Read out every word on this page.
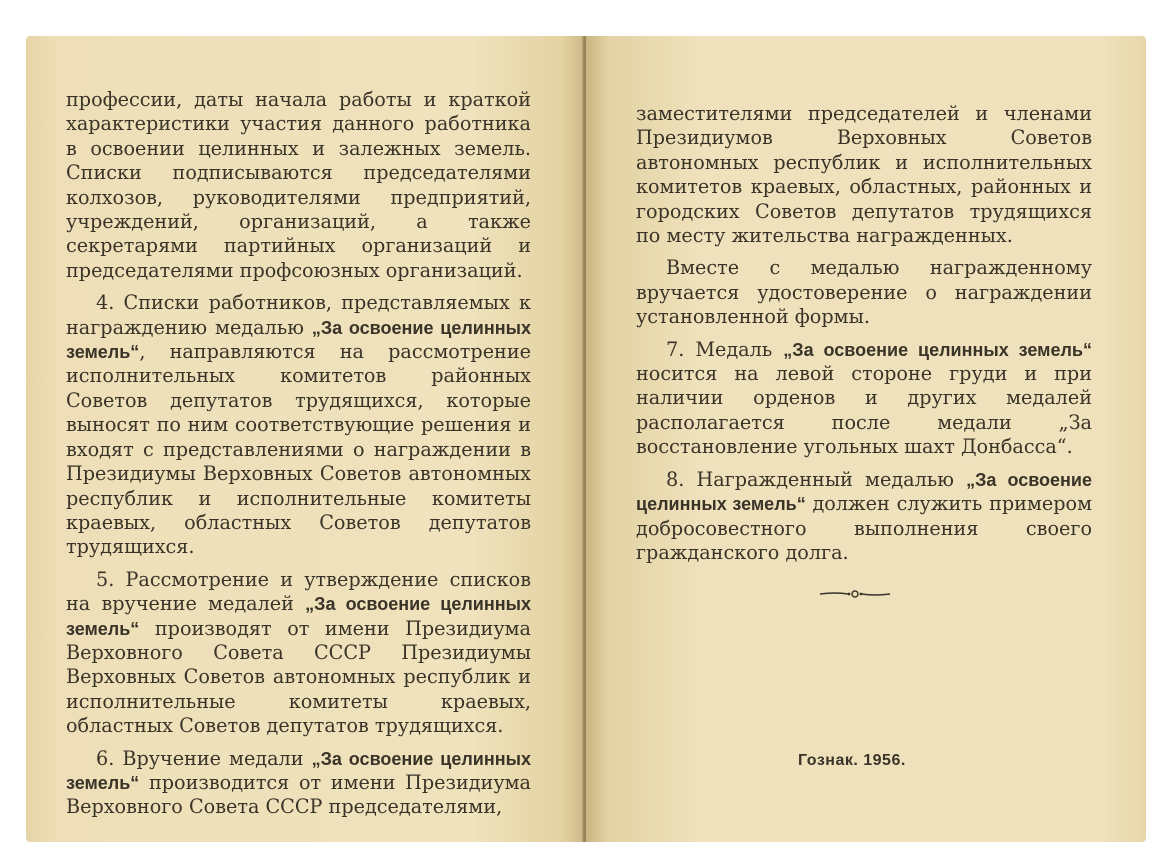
профессии, даты начала работы и краткой характеристики участия данного работника в освоении целинных и залежных земель. Списки подписываются председателями колхозов, руководителями предприятий, учреждений, организаций, а также секретарями партийных организаций и председателями профсоюзных организаций.
4. Списки работников, представляемых к награждению медалью „За освоение целинных земель“, направляются на рассмотрение исполнительных комитетов районных Советов депутатов трудящихся, которые выносят по ним соответствующие решения и входят с представлениями о награждении в Президиумы Верховных Советов автономных республик и исполнительные комитеты краевых, областных Советов депутатов трудящихся.
5. Рассмотрение и утверждение списков на вручение медалей „За освоение целинных земель“ производят от имени Президиума Верховного Совета СССР Президиумы Верховных Советов автономных республик и исполнительные комитеты краевых, областных Советов депутатов трудящихся.
6. Вручение медали „За освоение целинных земель“ производится от имени Президиума Верховного Совета СССР председателями,
заместителями председателей и членами Президиумов Верховных Советов автономных республик и исполнительных комитетов краевых, областных, районных и городских Советов депутатов трудящихся по месту жительства награжденных.
Вместе с медалью награжденному вручается удостоверение о награждении установленной формы.
7. Медаль „За освоение целинных земель“ носится на левой стороне груди и при наличии орденов и других медалей располагается после медали „За восстановление угольных шахт Донбасса“.
8. Награжденный медалью „За освоение целинных земель“ должен служить примером добросовестного выполнения своего гражданского долга.
Гознак. 1956.
